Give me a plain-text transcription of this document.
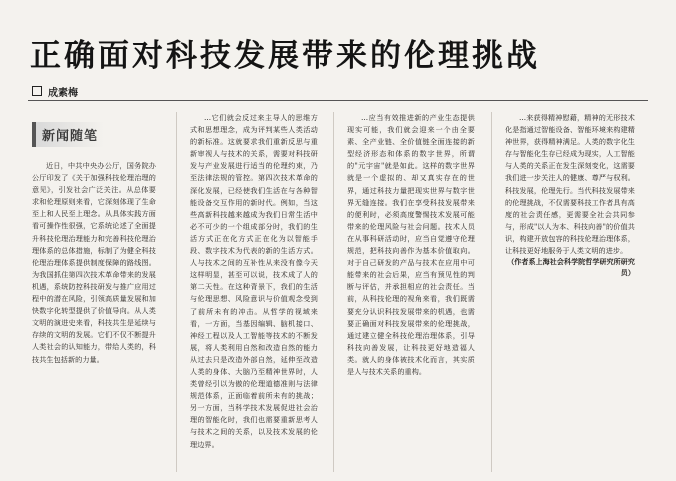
正确面对科技发展带来的伦理挑战
成素梅
新闻随笔

近日，中共中央办公厅，国务院办公厅印发了《关于加强科技伦理治理的意见》，引发社会广泛关注。从总体要求和伦理原则来看，它深刻体现了生命至上和人民至上理念。从具体实践方面看可操作性很强，它系统论述了全面提升科技伦理治理能力和完善科技伦理治理体系的总体措施，标制了为健全科技伦理治理体系提供制度保障的路线图。为我国抓住第四次技术革命带来的发展机遇，系统防控科技研发与推广应用过程中的潜在风险，引领高质量发展和加快数字化转型提供了价值导向。从人类文明的演进史来看，科技共生是延续与存续的文明的发展。它们不仅不断提升人类社会的认知能力，带给人类的，科技共生包括新的力量。

…它们就会反过来主导人的思维方式和思想理念，成为评判某些人类活动的新标准。这就要求我们重新反思与重新审视人与技术的关系，需要对科技研发与产业发展进行适当的伦理约束，乃至法律法规的管控。第四次技术革命的深化发展，已经使我们生活在与各种智能设备交互作用的新时代。例如，当这些高新科技越来越成为我们日常生活中必不可少的一个组成部分时，我们的生活方式正在化方式正在化为以智能手段、数字技术为代表的新的生活方式。人与技术之间的互补性从来没有像今天这样明显，甚至可以说，技术成了人的第二天性。在这种背景下，我们的生活与伦理思想、风险意识与价值观念受到了前所未有的冲击。从哲学的视域来看，一方面，当基因编辑、脑机接口、神经工程以及人工智能等技术的不断发展，将人类利用自然和改造自然的能力从过去只是改造外部自然，延伸至改造人类的身体、大脑乃至精神世界时，人类曾经引以为傲的伦理道德准则与法律规范体系，正面临着前所未有的挑战；另一方面，当科学技术发展促进社会治理的智能化时，我们也需要重新思考人与技术之间的关系，以及技术发展的伦理边界。

…应当有效推进新的产业生态提供现实可能，我们就会迎来一个由全要素、全产业链、全价值链全面连接的新型经济形态和体系的数字世界，所谓的"元宇宙"就是如此。这样的数字世界就是一个虚拟的、却又真实存在的世界，通过科技力量把现实世界与数字世界无缝连接。我们在享受科技发展带来的便利时，必须高度警惕技术发展可能带来的伦理风险与社会问题。技术人员在从事科研活动时，应当自觉遵守伦理规范，把科技向善作为基本价值取向。对于自己研发的产品与技术在应用中可能带来的社会后果，应当有预见性的判断与评估，并承担相应的社会责任。当前，从科技伦理的视角来看，我们既需要充分认识科技发展带来的机遇，也需要正确面对科技发展带来的伦理挑战，通过建立健全科技伦理治理体系，引导科技向善发展，让科技更好地造福人类。就人的身体被技术化而言，其实质是人与技术关系的重构。

…来获得精神慰藉，精神的无形技术化是指通过智能设备、智能环境来构建精神世界，获得精神满足。人类的数字化生存与智能化生存已经成为现实，人工智能与人类的关系正在发生深刻变化，这需要我们进一步关注人的健康、尊严与权利。科技发展，伦理先行。当代科技发展带来的伦理挑战，不仅需要科技工作者具有高度的社会责任感，更需要全社会共同参与，形成"以人为本、科技向善"的价值共识，构建开放包容的科技伦理治理体系，让科技更好地服务于人类文明的进步。

（作者系上海社会科学院哲学研究所研究员）
